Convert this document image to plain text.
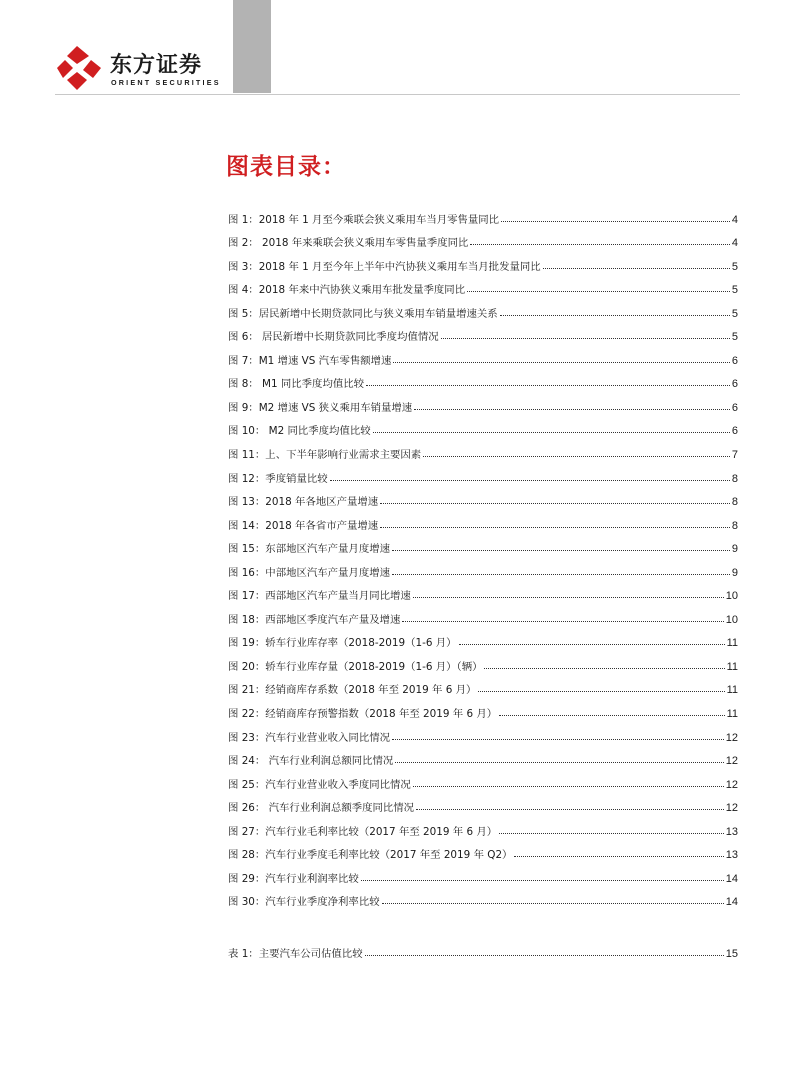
东方证券
ORIENT SECURITIES
图表目录：
图 1：2018 年 1 月至今乘联会狭义乘用车当月零售量同比	4
图 2： 2018 年来乘联会狭义乘用车零售量季度同比	4
图 3：2018 年 1 月至今年上半年中汽协狭义乘用车当月批发量同比	5
图 4：2018 年来中汽协狭义乘用车批发量季度同比	5
图 5：居民新增中长期贷款同比与狭义乘用车销量增速关系	5
图 6： 居民新增中长期贷款同比季度均值情况	5
图 7：M1 增速 VS 汽车零售额增速	6
图 8： M1 同比季度均值比较	6
图 9：M2 增速 VS 狭义乘用车销量增速	6
图 10： M2 同比季度均值比较	6
图 11：上、下半年影响行业需求主要因素	7
图 12：季度销量比较	8
图 13：2018 年各地区产量增速	8
图 14：2018 年各省市产量增速	8
图 15：东部地区汽车产量月度增速	9
图 16：中部地区汽车产量月度增速	9
图 17：西部地区汽车产量当月同比增速	10
图 18：西部地区季度汽车产量及增速	10
图 19：轿车行业库存率（2018-2019（1-6 月）	11
图 20：轿车行业库存量（2018-2019（1-6 月）（辆）	11
图 21：经销商库存系数（2018 年至 2019 年 6 月）	11
图 22：经销商库存预警指数（2018 年至 2019 年 6 月）	11
图 23：汽车行业营业收入同比情况	12
图 24： 汽车行业利润总额同比情况	12
图 25：汽车行业营业收入季度同比情况	12
图 26： 汽车行业利润总额季度同比情况	12
图 27：汽车行业毛利率比较（2017 年至 2019 年 6 月）	13
图 28：汽车行业季度毛利率比较（2017 年至 2019 年 Q2）	13
图 29：汽车行业利润率比较	14
图 30：汽车行业季度净利率比较	14
表 1：主要汽车公司估值比较	15
